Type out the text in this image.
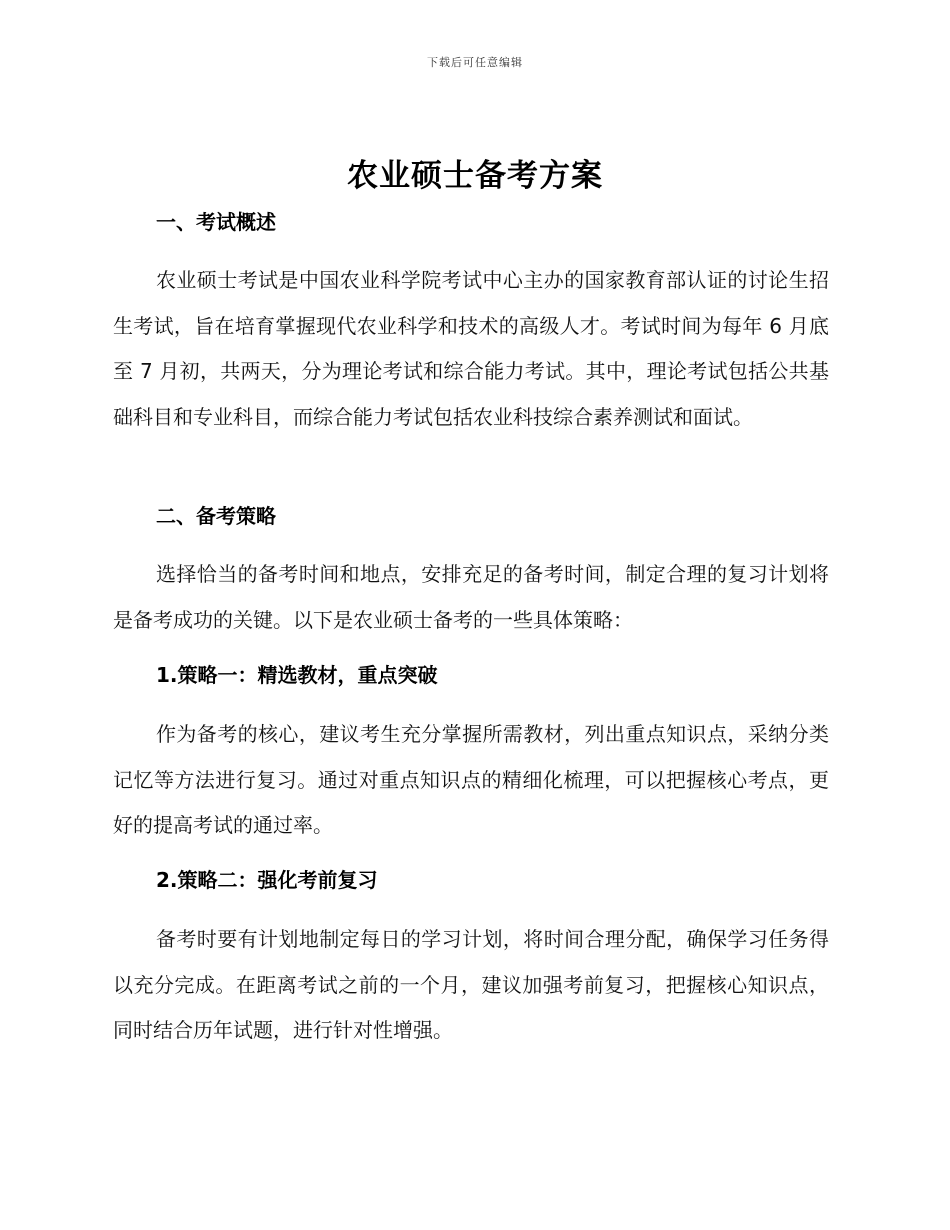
下载后可任意编辑
农业硕士备考方案
一、考试概述

农业硕士考试是中国农业科学院考试中心主办的国家教育部认证的讨论生招生考试，旨在培育掌握现代农业科学和技术的高级人才。考试时间为每年 6 月底至 7 月初，共两天，分为理论考试和综合能力考试。其中，理论考试包括公共基础科目和专业科目，而综合能力考试包括农业科技综合素养测试和面试。

二、备考策略

选择恰当的备考时间和地点，安排充足的备考时间，制定合理的复习计划将是备考成功的关键。以下是农业硕士备考的一些具体策略：

1.策略一：精选教材，重点突破

作为备考的核心，建议考生充分掌握所需教材，列出重点知识点，采纳分类记忆等方法进行复习。通过对重点知识点的精细化梳理，可以把握核心考点，更好的提高考试的通过率。

2.策略二：强化考前复习

备考时要有计划地制定每日的学习计划，将时间合理分配，确保学习任务得以充分完成。在距离考试之前的一个月，建议加强考前复习，把握核心知识点，同时结合历年试题，进行针对性增强。
